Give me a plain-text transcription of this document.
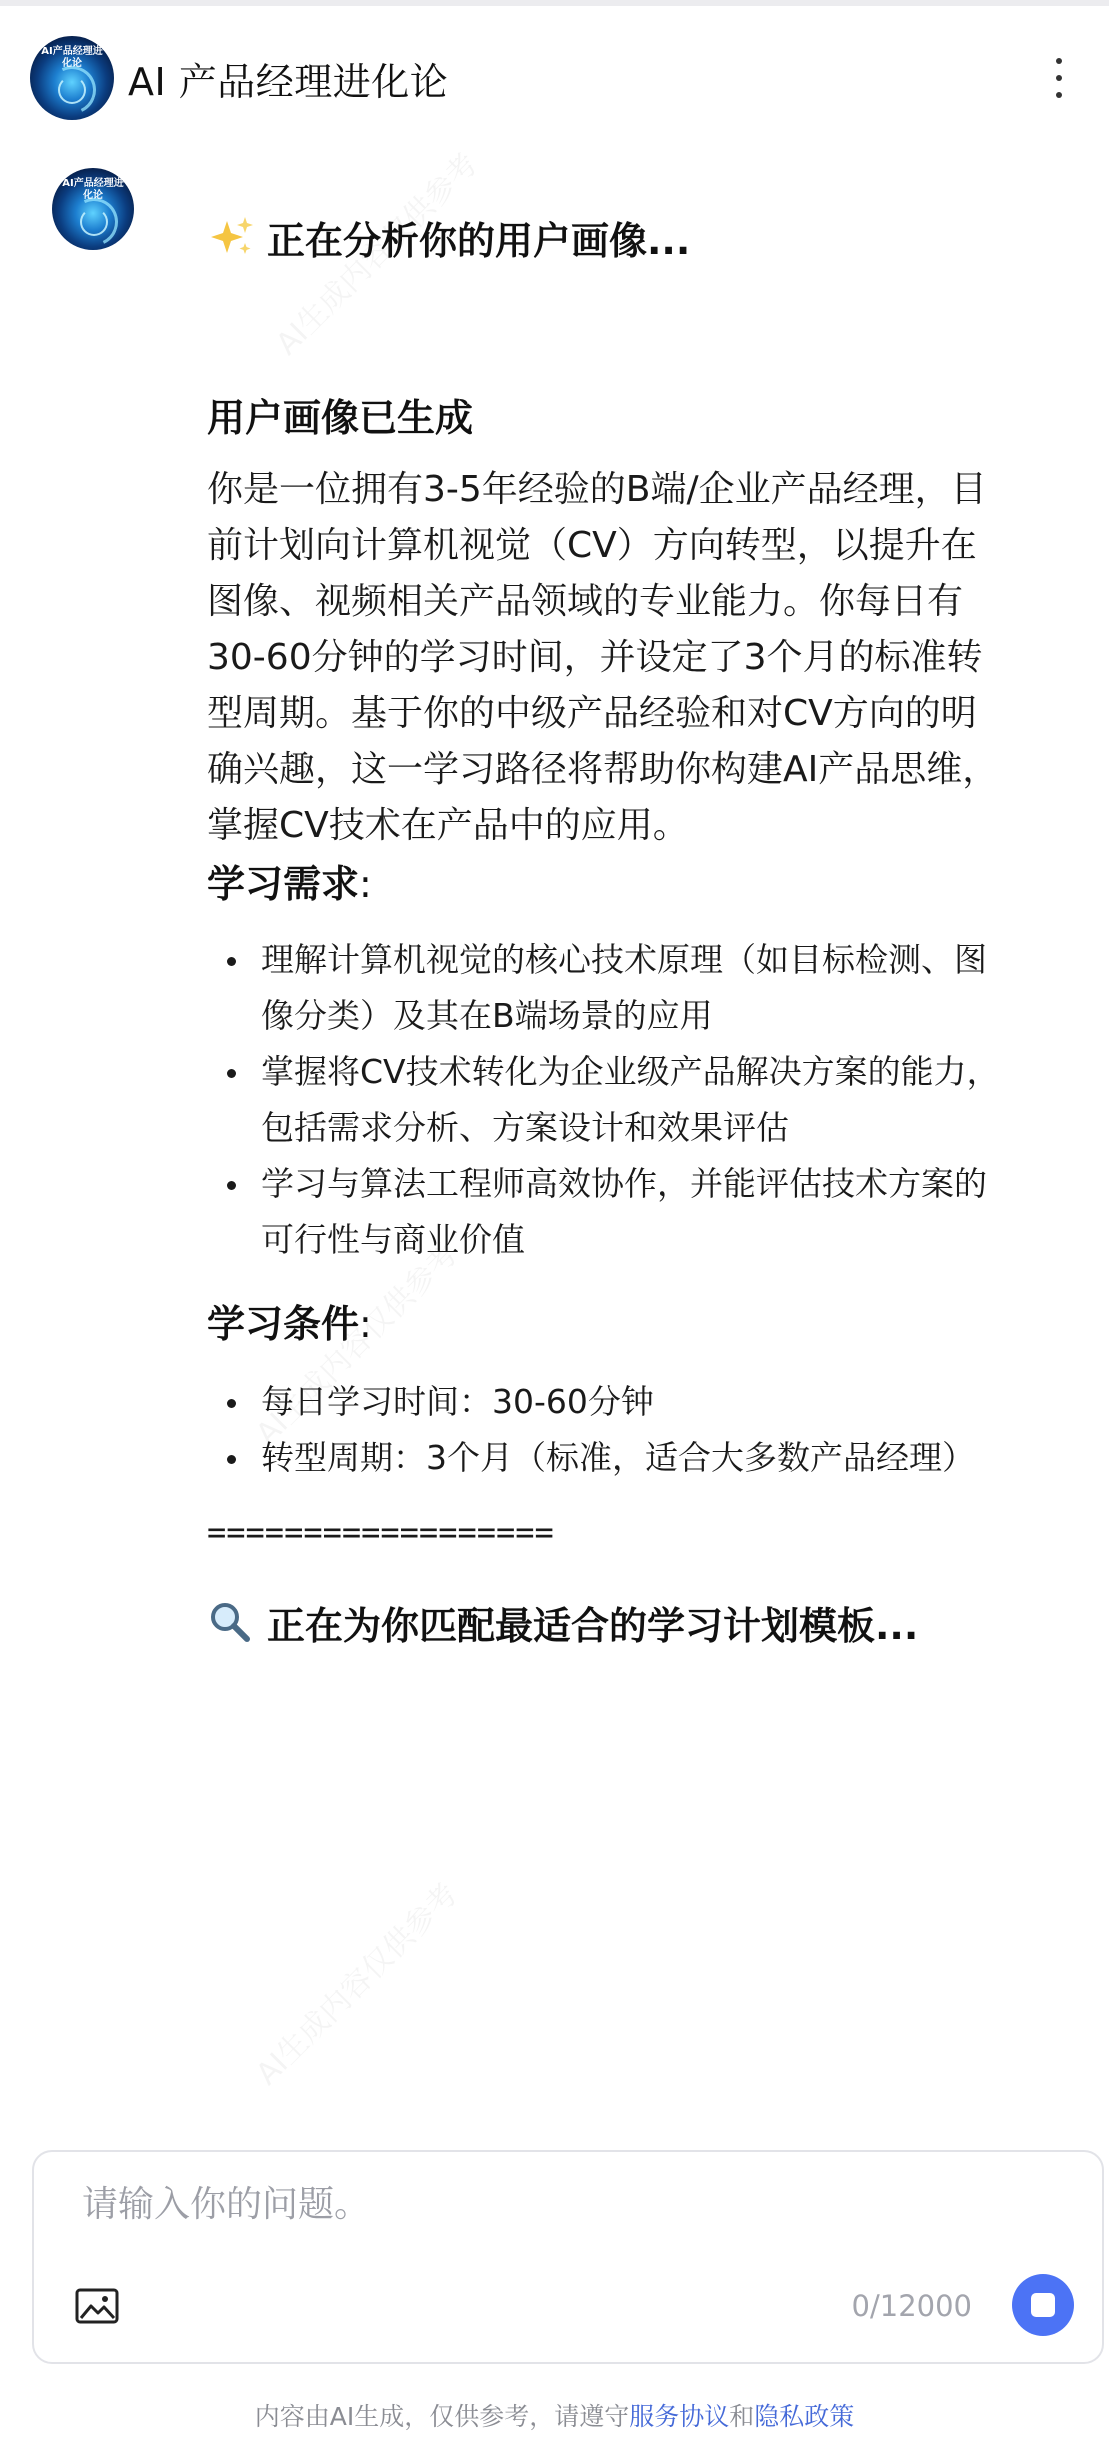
AI产品经理进化论	AI 产品经理进化论
AI产品经理进化论
正在分析你的用户画像...
用户画像已生成
你是一位拥有3-5年经验的B端/企业产品经理，目前计划向计算机视觉（CV）方向转型，以提升在图像、视频相关产品领域的专业能力。你每日有30-60分钟的学习时间，并设定了3个月的标准转型周期。基于你的中级产品经验和对CV方向的明确兴趣，这一学习路径将帮助你构建AI产品思维，掌握CV技术在产品中的应用。
学习需求:
理解计算机视觉的核心技术原理（如目标检测、图像分类）及其在B端场景的应用
掌握将CV技术转化为企业级产品解决方案的能力，包括需求分析、方案设计和效果评估
学习与算法工程师高效协作，并能评估技术方案的可行性与商业价值
学习条件:
每日学习时间：30-60分钟
转型周期：3个月（标准，适合大多数产品经理）
==================
正在为你匹配最适合的学习计划模板...
请输入你的问题。
0/12000
内容由AI生成，仅供参考，请遵守服务协议和隐私政策
